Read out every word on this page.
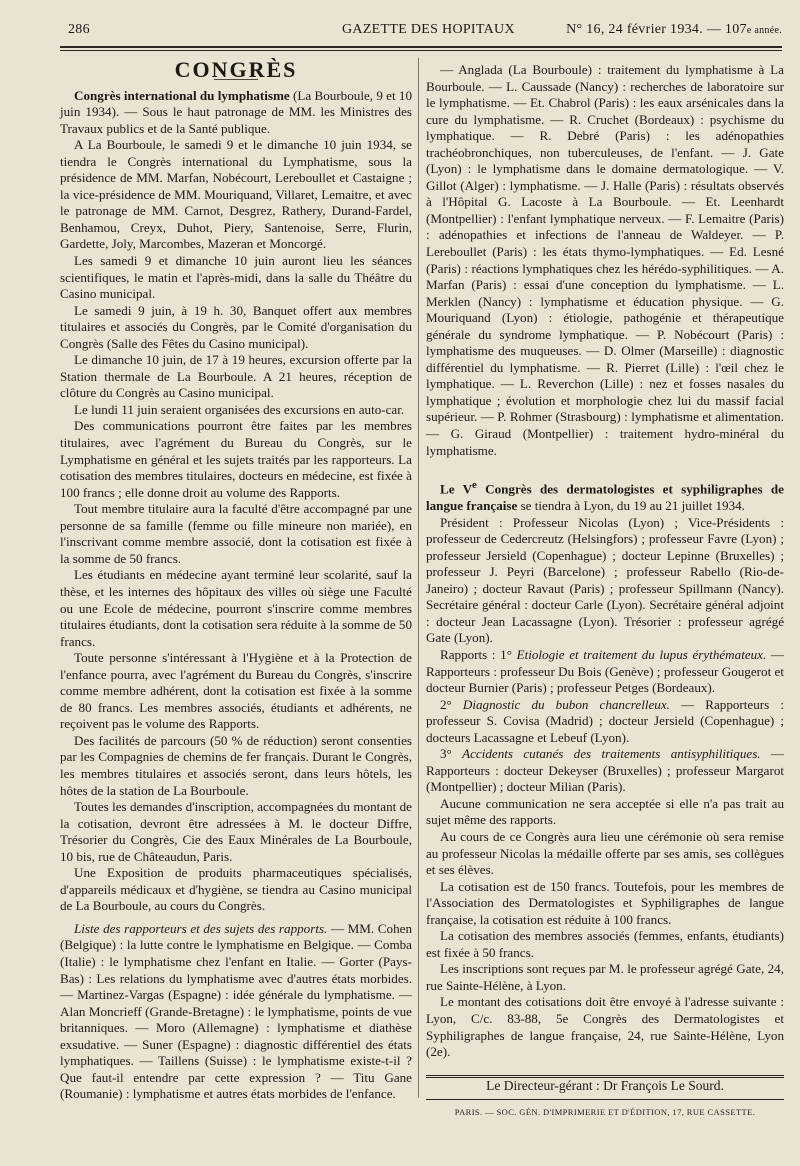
286	GAZETTE DES HOPITAUX	N° 16, 24 février 1934. — 107e année.

CONGRÈS

Congrès international du lymphatisme (La Bourboule, 9 et 10 juin 1934). — Sous le haut patronage de MM. les Ministres des Travaux publics et de la Santé publique.

A La Bourboule, le samedi 9 et le dimanche 10 juin 1934, se tiendra le Congrès international du Lymphatisme, sous la présidence de MM. Marfan, Nobécourt, Lereboullet et Castaigne ; la vice-présidence de MM. Mouriquand, Villaret, Lemaitre, et avec le patronage de MM. Carnot, Desgrez, Rathery, Durand-Fardel, Benhamou, Creyx, Duhot, Piery, Santenoise, Serre, Flurin, Gardette, Joly, Marcombes, Mazeran et Moncorgé.

Les samedi 9 et dimanche 10 juin auront lieu les séances scientifiques, le matin et l'après-midi, dans la salle du Théâtre du Casino municipal.

Le samedi 9 juin, à 19 h. 30, Banquet offert aux membres titulaires et associés du Congrès, par le Comité d'organisation du Congrès (Salle des Fêtes du Casino municipal).

Le dimanche 10 juin, de 17 à 19 heures, excursion offerte par la Station thermale de La Bourboule. A 21 heures, réception de clôture du Congrès au Casino municipal.

Le lundi 11 juin seraient organisées des excursions en auto-car.

Des communications pourront être faites par les membres titulaires, avec l'agrément du Bureau du Congrès, sur le Lymphatisme en général et les sujets traités par les rapporteurs. La cotisation des membres titulaires, docteurs en médecine, est fixée à 100 francs ; elle donne droit au volume des Rapports.

Tout membre titulaire aura la faculté d'être accompagné par une personne de sa famille (femme ou fille mineure non mariée), en l'inscrivant comme membre associé, dont la cotisation est fixée à la somme de 50 francs.

Les étudiants en médecine ayant terminé leur scolarité, sauf la thèse, et les internes des hôpitaux des villes où siège une Faculté ou une Ecole de médecine, pourront s'inscrire comme membres titulaires étudiants, dont la cotisation sera réduite à la somme de 50 francs.

Toute personne s'intéressant à l'Hygiène et à la Protection de l'enfance pourra, avec l'agrément du Bureau du Congrès, s'inscrire comme membre adhérent, dont la cotisation est fixée à la somme de 80 francs. Les membres associés, étudiants et adhérents, ne reçoivent pas le volume des Rapports.

Des facilités de parcours (50 % de réduction) seront consenties par les Compagnies de chemins de fer français. Durant le Congrès, les membres titulaires et associés seront, dans leurs hôtels, les hôtes de la station de La Bourboule.

Toutes les demandes d'inscription, accompagnées du montant de la cotisation, devront être adressées à M. le docteur Diffre, Trésorier du Congrès, Cie des Eaux Minérales de La Bourboule, 10 bis, rue de Châteaudun, Paris.

Une Exposition de produits pharmaceutiques spécialisés, d'appareils médicaux et d'hygiène, se tiendra au Casino municipal de La Bourboule, au cours du Congrès.

Liste des rapporteurs et des sujets des rapports. — MM. Cohen (Belgique) : la lutte contre le lymphatisme en Belgique. — Comba (Italie) : le lymphatisme chez l'enfant en Italie. — Gorter (Pays-Bas) : Les relations du lymphatisme avec d'autres états morbides. — Martinez-Vargas (Espagne) : idée générale du lymphatisme. — Alan Moncrieff (Grande-Bretagne) : le lymphatisme, points de vue britanniques. — Moro (Allemagne) : lymphatisme et diathèse exsudative. — Suner (Espagne) : diagnostic différentiel des états lymphatiques. — Taillens (Suisse) : le lymphatisme existe-t-il ? Que faut-il entendre par cette expression ? — Titu Gane (Roumanie) : lymphatisme et autres états morbides de l'enfance.

— Anglada (La Bourboule) : traitement du lymphatisme à La Bourboule. — L. Caussade (Nancy) : recherches de laboratoire sur le lymphatisme. — Et. Chabrol (Paris) : les eaux arsénicales dans la cure du lymphatisme. — R. Cruchet (Bordeaux) : psychisme du lymphatique. — R. Debré (Paris) : les adénopathies trachéobronchiques, non tuberculeuses, de l'enfant. — J. Gate (Lyon) : le lymphatisme dans le domaine dermatologique. — V. Gillot (Alger) : lymphatisme. — J. Halle (Paris) : résultats observés à l'Hôpital G. Lacoste à La Bourboule. — Et. Leenhardt (Montpellier) : l'enfant lymphatique nerveux. — F. Lemaitre (Paris) : adénopathies et infections de l'anneau de Waldeyer. — P. Lereboullet (Paris) : les états thymo-lymphatiques. — Ed. Lesné (Paris) : réactions lymphatiques chez les hérédo-syphilitiques. — A. Marfan (Paris) : essai d'une conception du lymphatisme. — L. Merklen (Nancy) : lymphatisme et éducation physique. — G. Mouriquand (Lyon) : étiologie, pathogénie et thérapeutique générale du syndrome lymphatique. — P. Nobécourt (Paris) : lymphatisme des muqueuses. — D. Olmer (Marseille) : diagnostic différentiel du lymphatisme. — R. Pierret (Lille) : l'œil chez le lymphatique. — L. Reverchon (Lille) : nez et fosses nasales du lymphatique ; évolution et morphologie chez lui du massif facial supérieur. — P. Rohmer (Strasbourg) : lymphatisme et alimentation. — G. Giraud (Montpellier) : traitement hydro-minéral du lymphatisme.

Le Ve Congrès des dermatologistes et syphiligraphes de langue française se tiendra à Lyon, du 19 au 21 juillet 1934.

Président : Professeur Nicolas (Lyon) ; Vice-Présidents : professeur de Cedercreutz (Helsingfors) ; professeur Favre (Lyon) ; professeur Jersield (Copenhague) ; docteur Lepinne (Bruxelles) ; professeur J. Peyri (Barcelone) ; professeur Rabello (Rio-de-Janeiro) ; docteur Ravaut (Paris) ; professeur Spillmann (Nancy). Secrétaire général : docteur Carle (Lyon). Secrétaire général adjoint : docteur Jean Lacassagne (Lyon). Trésorier : professeur agrégé Gate (Lyon).

Rapports : 1° Etiologie et traitement du lupus érythémateux. — Rapporteurs : professeur Du Bois (Genève) ; professeur Gougerot et docteur Burnier (Paris) ; professeur Petges (Bordeaux).

2° Diagnostic du bubon chancrelleux. — Rapporteurs : professeur S. Covisa (Madrid) ; docteur Jersield (Copenhague) ; docteurs Lacassagne et Lebeuf (Lyon).

3° Accidents cutanés des traitements antisyphilitiques. — Rapporteurs : docteur Dekeyser (Bruxelles) ; professeur Margarot (Montpellier) ; docteur Milian (Paris).

Aucune communication ne sera acceptée si elle n'a pas trait au sujet même des rapports.

Au cours de ce Congrès aura lieu une cérémonie où sera remise au professeur Nicolas la médaille offerte par ses amis, ses collègues et ses élèves.

La cotisation est de 150 francs. Toutefois, pour les membres de l'Association des Dermatologistes et Syphiligraphes de langue française, la cotisation est réduite à 100 francs.

La cotisation des membres associés (femmes, enfants, étudiants) est fixée à 50 francs.

Les inscriptions sont reçues par M. le professeur agrégé Gate, 24, rue Sainte-Hélène, à Lyon.

Le montant des cotisations doit être envoyé à l'adresse suivante : Lyon, C/c. 83-88, 5e Congrès des Dermatologistes et Syphiligraphes de langue française, 24, rue Sainte-Hélène, Lyon (2e).

Le Directeur-gérant : Dr François Le Sourd.

PARIS. — SOC. GÉN. D'IMPRIMERIE ET D'ÉDITION, 17, RUE CASSETTE.
